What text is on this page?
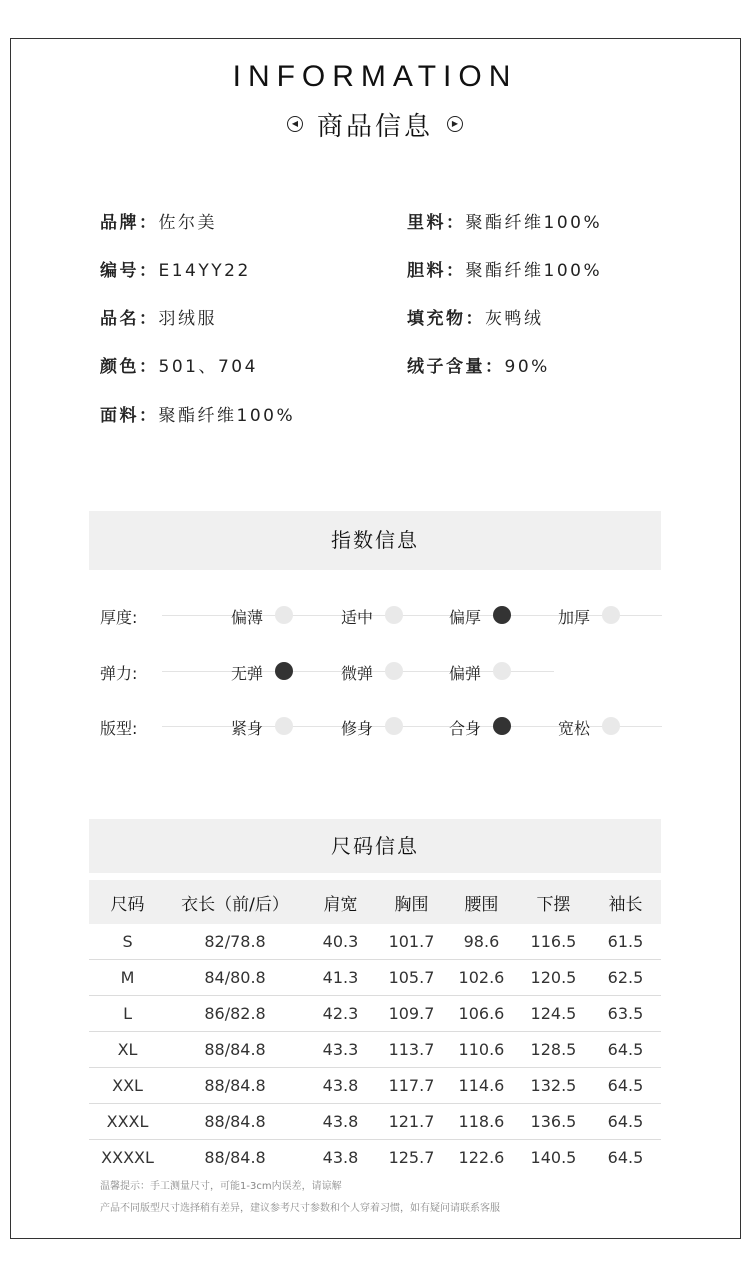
INFORMATION
◀ 商品信息	▶
品牌：佐尔美
编号：E14YY22
品名：羽绒服
颜色：501、704
面料：聚酯纤维100%
里料：聚酯纤维100%
胆料：聚酯纤维100%
填充物：灰鸭绒
绒子含量：90%
指数信息
厚度:	偏薄	适中	偏厚	加厚
弹力:	无弹	微弹	偏弹
版型:	紧身	修身	合身	宽松
尺码信息
尺码	衣长（前/后）	肩宽	胸围	腰围	下摆	袖长
S	82/78.8	40.3	101.7	98.6	116.5	61.5
M	84/80.8	41.3	105.7	102.6	120.5	62.5
L	86/82.8	42.3	109.7	106.6	124.5	63.5
XL	88/84.8	43.3	113.7	110.6	128.5	64.5
XXL	88/84.8	43.8	117.7	114.6	132.5	64.5
XXXL	88/84.8	43.8	121.7	118.6	136.5	64.5
XXXXL	88/84.8	43.8	125.7	122.6	140.5	64.5
温馨提示：手工测量尺寸，可能1-3cm内误差，请谅解
产品不同版型尺寸选择稍有差异，建议参考尺寸参数和个人穿着习惯，如有疑问请联系客服
